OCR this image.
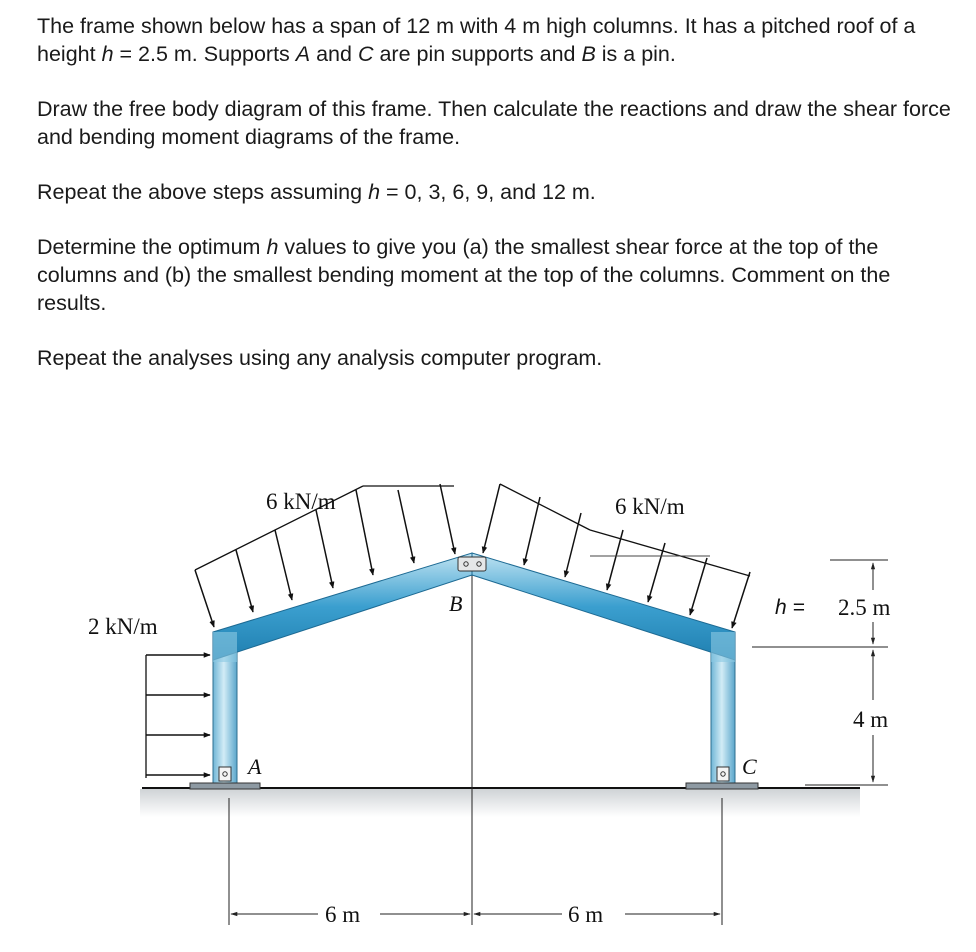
The frame shown below has a span of 12 m with 4 m high columns. It has a pitched roof of a height h = 2.5 m. Supports A and C are pin supports and B is a pin.

Draw the free body diagram of this frame. Then calculate the reactions and draw the shear force and bending moment diagrams of the frame.

Repeat the above steps assuming h = 0, 3, 6, 9, and 12 m.

Determine the optimum h values to give you (a) the smallest shear force at the top of the columns and (b) the smallest bending moment at the top of the columns. Comment on the results.

Repeat the analyses using any analysis computer program.

B
A	C
6 kN/m	6 kN/m
2 kN/m
h = 2.5 m
4 m
6 m	6 m
